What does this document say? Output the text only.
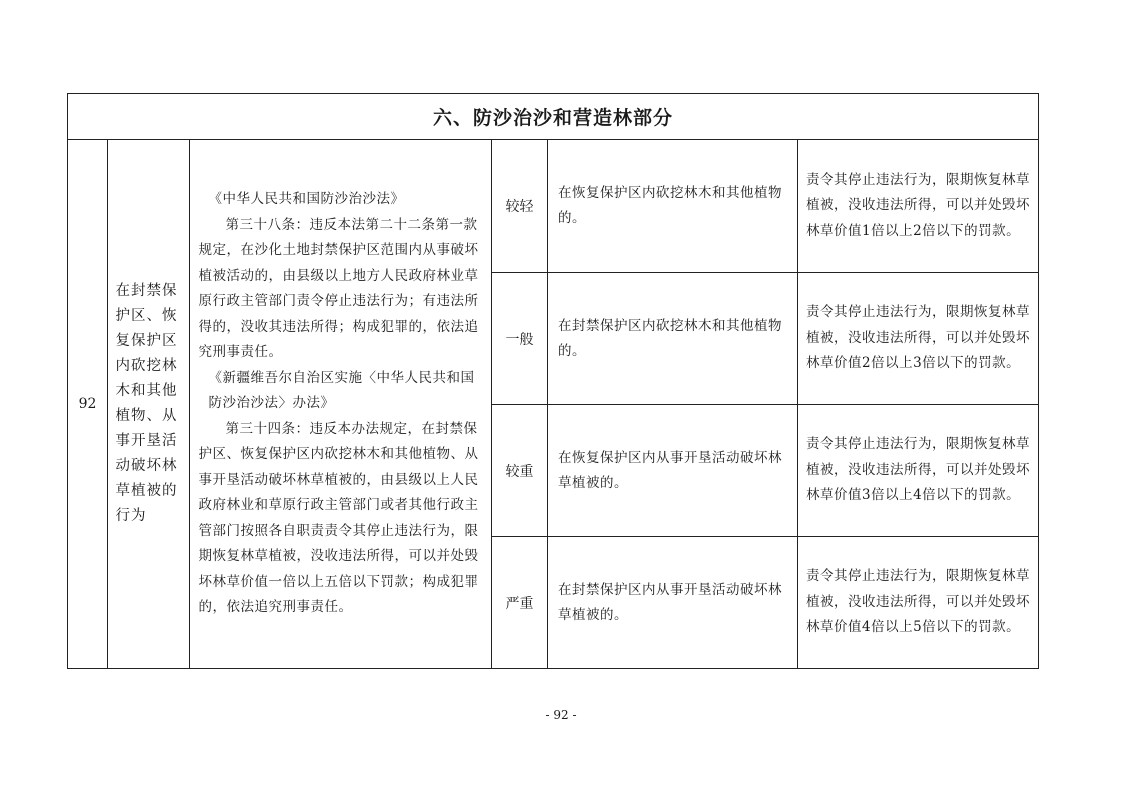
六、防沙治沙和营造林部分
92
在封禁保护区、恢复保护区内砍挖林木和其他植物、从事开垦活动破坏林草植被的行为

《中华人民共和国防沙治沙法》

第三十八条：违反本法第二十二条第一款规定，在沙化土地封禁保护区范围内从事破坏植被活动的，由县级以上地方人民政府林业草原行政主管部门责令停止违法行为；有违法所得的，没收其违法所得；构成犯罪的，依法追究刑事责任。

《新疆维吾尔自治区实施〈中华人民共和国防沙治沙法〉办法》

第三十四条：违反本办法规定，在封禁保护区、恢复保护区内砍挖林木和其他植物、从事开垦活动破坏林草植被的，由县级以上人民政府林业和草原行政主管部门或者其他行政主管部门按照各自职责责令其停止违法行为，限期恢复林草植被，没收违法所得，可以并处毁坏林草价值一倍以上五倍以下罚款；构成犯罪的，依法追究刑事责任。

较轻
在恢复保护区内砍挖林木和其他植物的。
责令其停止违法行为，限期恢复林草植被，没收违法所得，可以并处毁坏林草价值1倍以上2倍以下的罚款。
一般
在封禁保护区内砍挖林木和其他植物的。
责令其停止违法行为，限期恢复林草植被，没收违法所得，可以并处毁坏林草价值2倍以上3倍以下的罚款。
较重
在恢复保护区内从事开垦活动破坏林草植被的。
责令其停止违法行为，限期恢复林草植被，没收违法所得，可以并处毁坏林草价值3倍以上4倍以下的罚款。
严重
在封禁保护区内从事开垦活动破坏林草植被的。
责令其停止违法行为，限期恢复林草植被，没收违法所得，可以并处毁坏林草价值4倍以上5倍以下的罚款。
- 92 -
